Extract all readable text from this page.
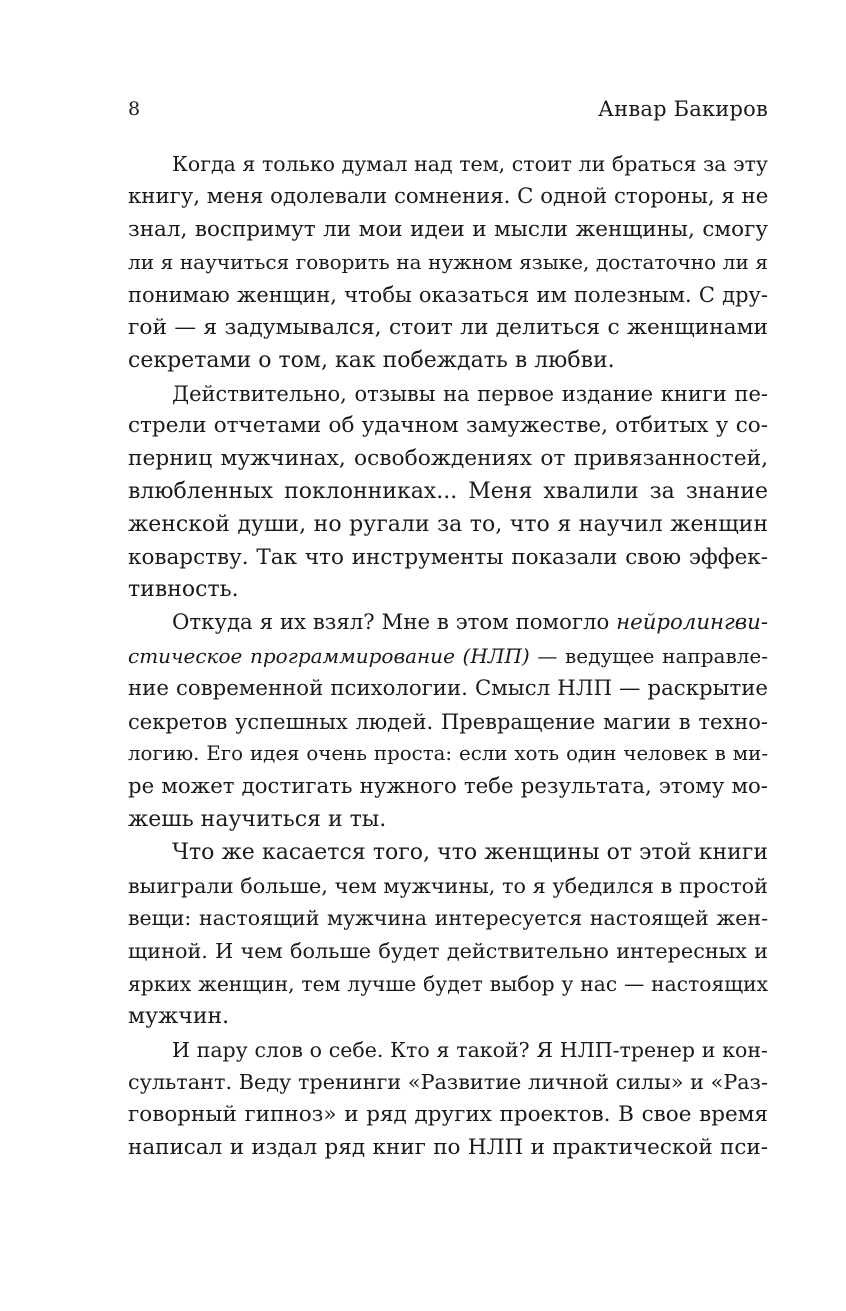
8	Анвар Бакиров

Когда я только думал над тем, стоит ли браться за эту
книгу, меня одолевали сомнения. С одной стороны, я не
знал, воспримут ли мои идеи и мысли женщины, смогу
ли я научиться говорить на нужном языке, достаточно ли я
понимаю женщин, чтобы оказаться им полезным. С дру-
гой — я задумывался, стоит ли делиться с женщинами
секретами о том, как побеждать в любви.

Действительно, отзывы на первое издание книги пе-
стрели отчетами об удачном замужестве, отбитых у со-
перниц мужчинах, освобождениях от привязанностей,
влюбленных поклонниках... Меня хвалили за знание
женской души, но ругали за то, что я научил женщин
коварству. Так что инструменты показали свою эффек-
тивность.

Откуда я их взял? Мне в этом помогло нейролингви-
стическое программирование (НЛП) — ведущее направле-
ние современной психологии. Смысл НЛП — раскрытие
секретов успешных людей. Превращение магии в техно-
логию. Его идея очень проста: если хоть один человек в ми-
ре может достигать нужного тебе результата, этому мо-
жешь научиться и ты.

Что же касается того, что женщины от этой книги
выиграли больше, чем мужчины, то я убедился в простой
вещи: настоящий мужчина интересуется настоящей жен-
щиной. И чем больше будет действительно интересных и
ярких женщин, тем лучше будет выбор у нас — настоящих
мужчин.

И пару слов о себе. Кто я такой? Я НЛП-тренер и кон-
сультант. Веду тренинги «Развитие личной силы» и «Раз-
говорный гипноз» и ряд других проектов. В свое время
написал и издал ряд книг по НЛП и практической пси-
